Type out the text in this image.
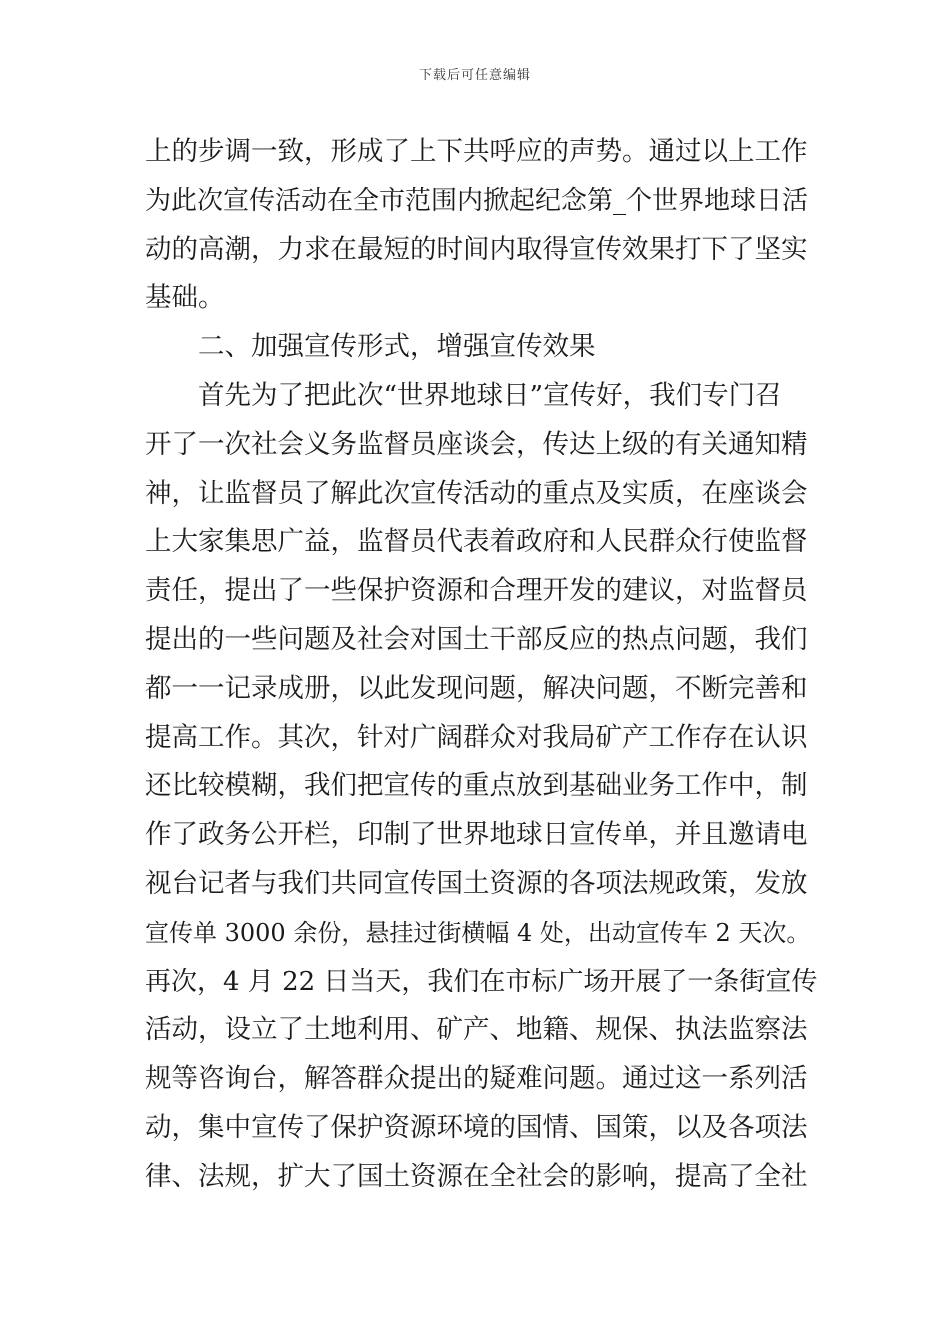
下载后可任意编辑
上的步调一致，形成了上下共呼应的声势。通过以上工作
为此次宣传活动在全市范围内掀起纪念第_个世界地球日活
动的高潮，力求在最短的时间内取得宣传效果打下了坚实
基础。
二、加强宣传形式，增强宣传效果
首先为了把此次“世界地球日”宣传好，我们专门召
开了一次社会义务监督员座谈会，传达上级的有关通知精
神，让监督员了解此次宣传活动的重点及实质，在座谈会
上大家集思广益，监督员代表着政府和人民群众行使监督
责任，提出了一些保护资源和合理开发的建议，对监督员
提出的一些问题及社会对国土干部反应的热点问题，我们
都一一记录成册，以此发现问题，解决问题，不断完善和
提高工作。其次，针对广阔群众对我局矿产工作存在认识
还比较模糊，我们把宣传的重点放到基础业务工作中，制
作了政务公开栏，印制了世界地球日宣传单，并且邀请电
视台记者与我们共同宣传国土资源的各项法规政策，发放
宣传单 3000 余份，悬挂过街横幅 4 处，出动宣传车 2 天次。
再次，4 月 22 日当天，我们在市标广场开展了一条街宣传
活动，设立了土地利用、矿产、地籍、规保、执法监察法
规等咨询台，解答群众提出的疑难问题。通过这一系列活
动，集中宣传了保护资源环境的国情、国策，以及各项法
律、法规，扩大了国土资源在全社会的影响，提高了全社
